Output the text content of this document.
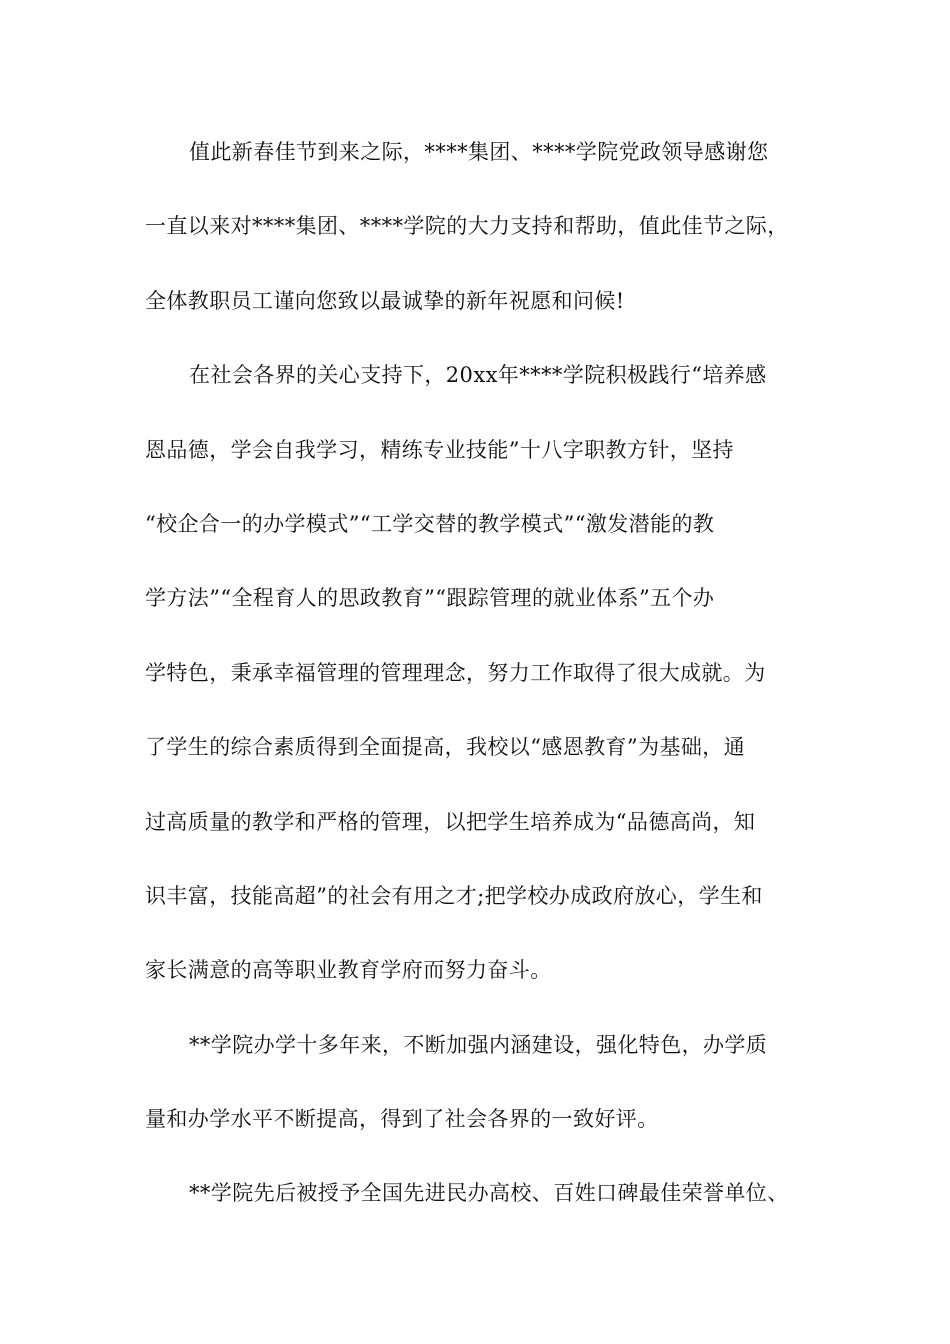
值此新春佳节到来之际，****集团、****学院党政领导感谢您
一直以来对****集团、****学院的大力支持和帮助，值此佳节之际，
全体教职员工谨向您致以最诚挚的新年祝愿和问候!
在社会各界的关心支持下，20xx年****学院积极践行“培养感
恩品德，学会自我学习，精练专业技能”十八字职教方针，坚持
“校企合一的办学模式”“工学交替的教学模式”“激发潜能的教
学方法”“全程育人的思政教育”“跟踪管理的就业体系”五个办
学特色，秉承幸福管理的管理理念，努力工作取得了很大成就。为
了学生的综合素质得到全面提高，我校以“感恩教育”为基础，通
过高质量的教学和严格的管理，以把学生培养成为“品德高尚，知
识丰富，技能高超”的社会有用之才;把学校办成政府放心，学生和
家长满意的高等职业教育学府而努力奋斗。
**学院办学十多年来，不断加强内涵建设，强化特色，办学质
量和办学水平不断提高，得到了社会各界的一致好评。
**学院先后被授予全国先进民办高校、百姓口碑最佳荣誉单位、
